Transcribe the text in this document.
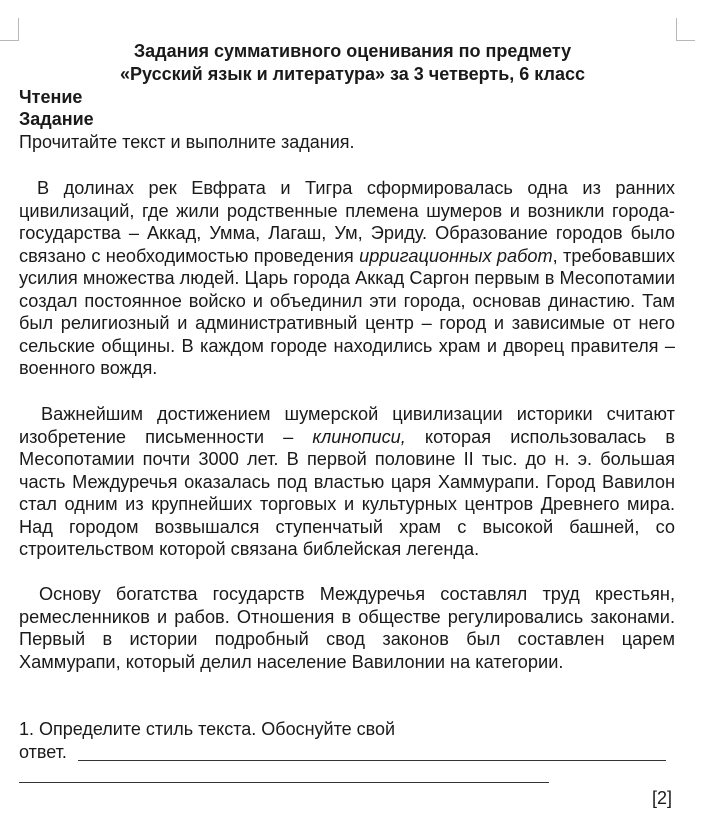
Задания суммативного оценивания по предмету
«Русский язык и литература» за 3 четверть, 6 класс
Чтение
Задание
Прочитайте текст и выполните задания.

В долинах рек Евфрата и Тигра сформировалась одна из ранних цивилизаций, где жили родственные племена шумеров и возникли города-государства – Аккад, Умма, Лагаш, Ум, Эриду. Образование городов было связано с необходимостью проведения ирригационных работ, требовавших усилия множества людей. Царь города Аккад Саргон первым в Месопотамии создал постоянное войско и объединил эти города, основав династию. Там был религиозный и административный центр – город и зависимые от него сельские общины. В каждом городе находились храм и дворец правителя – военного вождя.

Важнейшим достижением шумерской цивилизации историки считают изобретение письменности – клинописи, которая использовалась в Месопотамии почти 3000 лет. В первой половине II тыс. до н. э. большая часть Междуречья оказалась под властью царя Хаммурапи. Город Вавилон стал одним из крупнейших торговых и культурных центров Древнего мира. Над городом возвышался ступенчатый храм с высокой башней, со строительством которой связана библейская легенда.

Основу богатства государств Междуречья составлял труд крестьян, ремесленников и рабов. Отношения в обществе регулировались законами. Первый в истории подробный свод законов был составлен царем Хаммурапи, который делил население Вавилонии на категории.

1. Определите стиль текста. Обоснуйте свой
ответ.
[2]
